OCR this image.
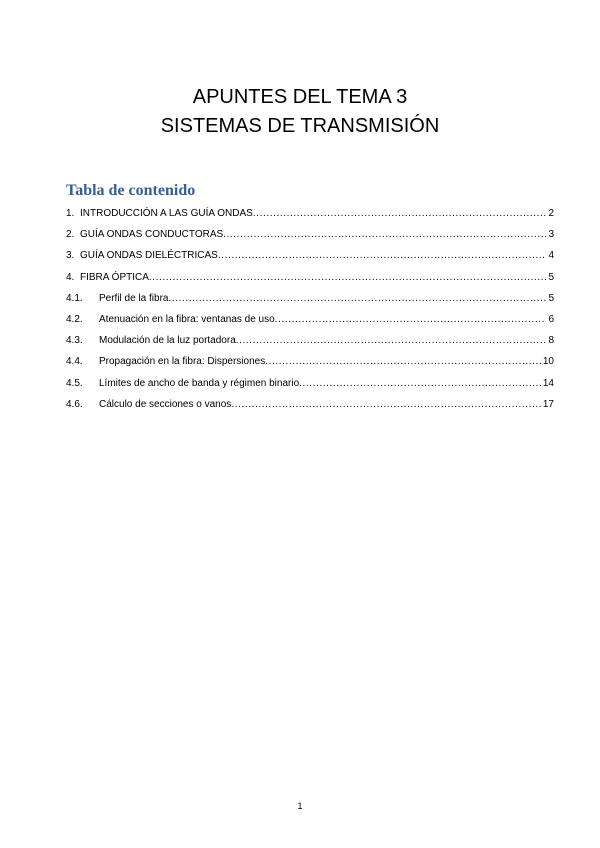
APUNTES DEL TEMA 3
SISTEMAS DE TRANSMISIÓN
Tabla de contenido
1. INTRODUCCIÓN A LAS GUÍA ONDAS .....	2
2. GUÍA ONDAS CONDUCTORAS .....	3
3. GUÍA ONDAS DIELÉCTRICAS .....	4
4. FIBRA ÓPTICA .....	5
4.1.	Perfil de la fibra .....	5
4.2.	Atenuación en la fibra: ventanas de uso .....	6
4.3.	Modulación de la luz portadora .....	8
4.4.	Propagación en la fibra: Dispersiones .....	10
4.5.	Límites de ancho de banda y régimen binario .....	14
4.6.	Cálculo de secciones o vanos .....	17
1
